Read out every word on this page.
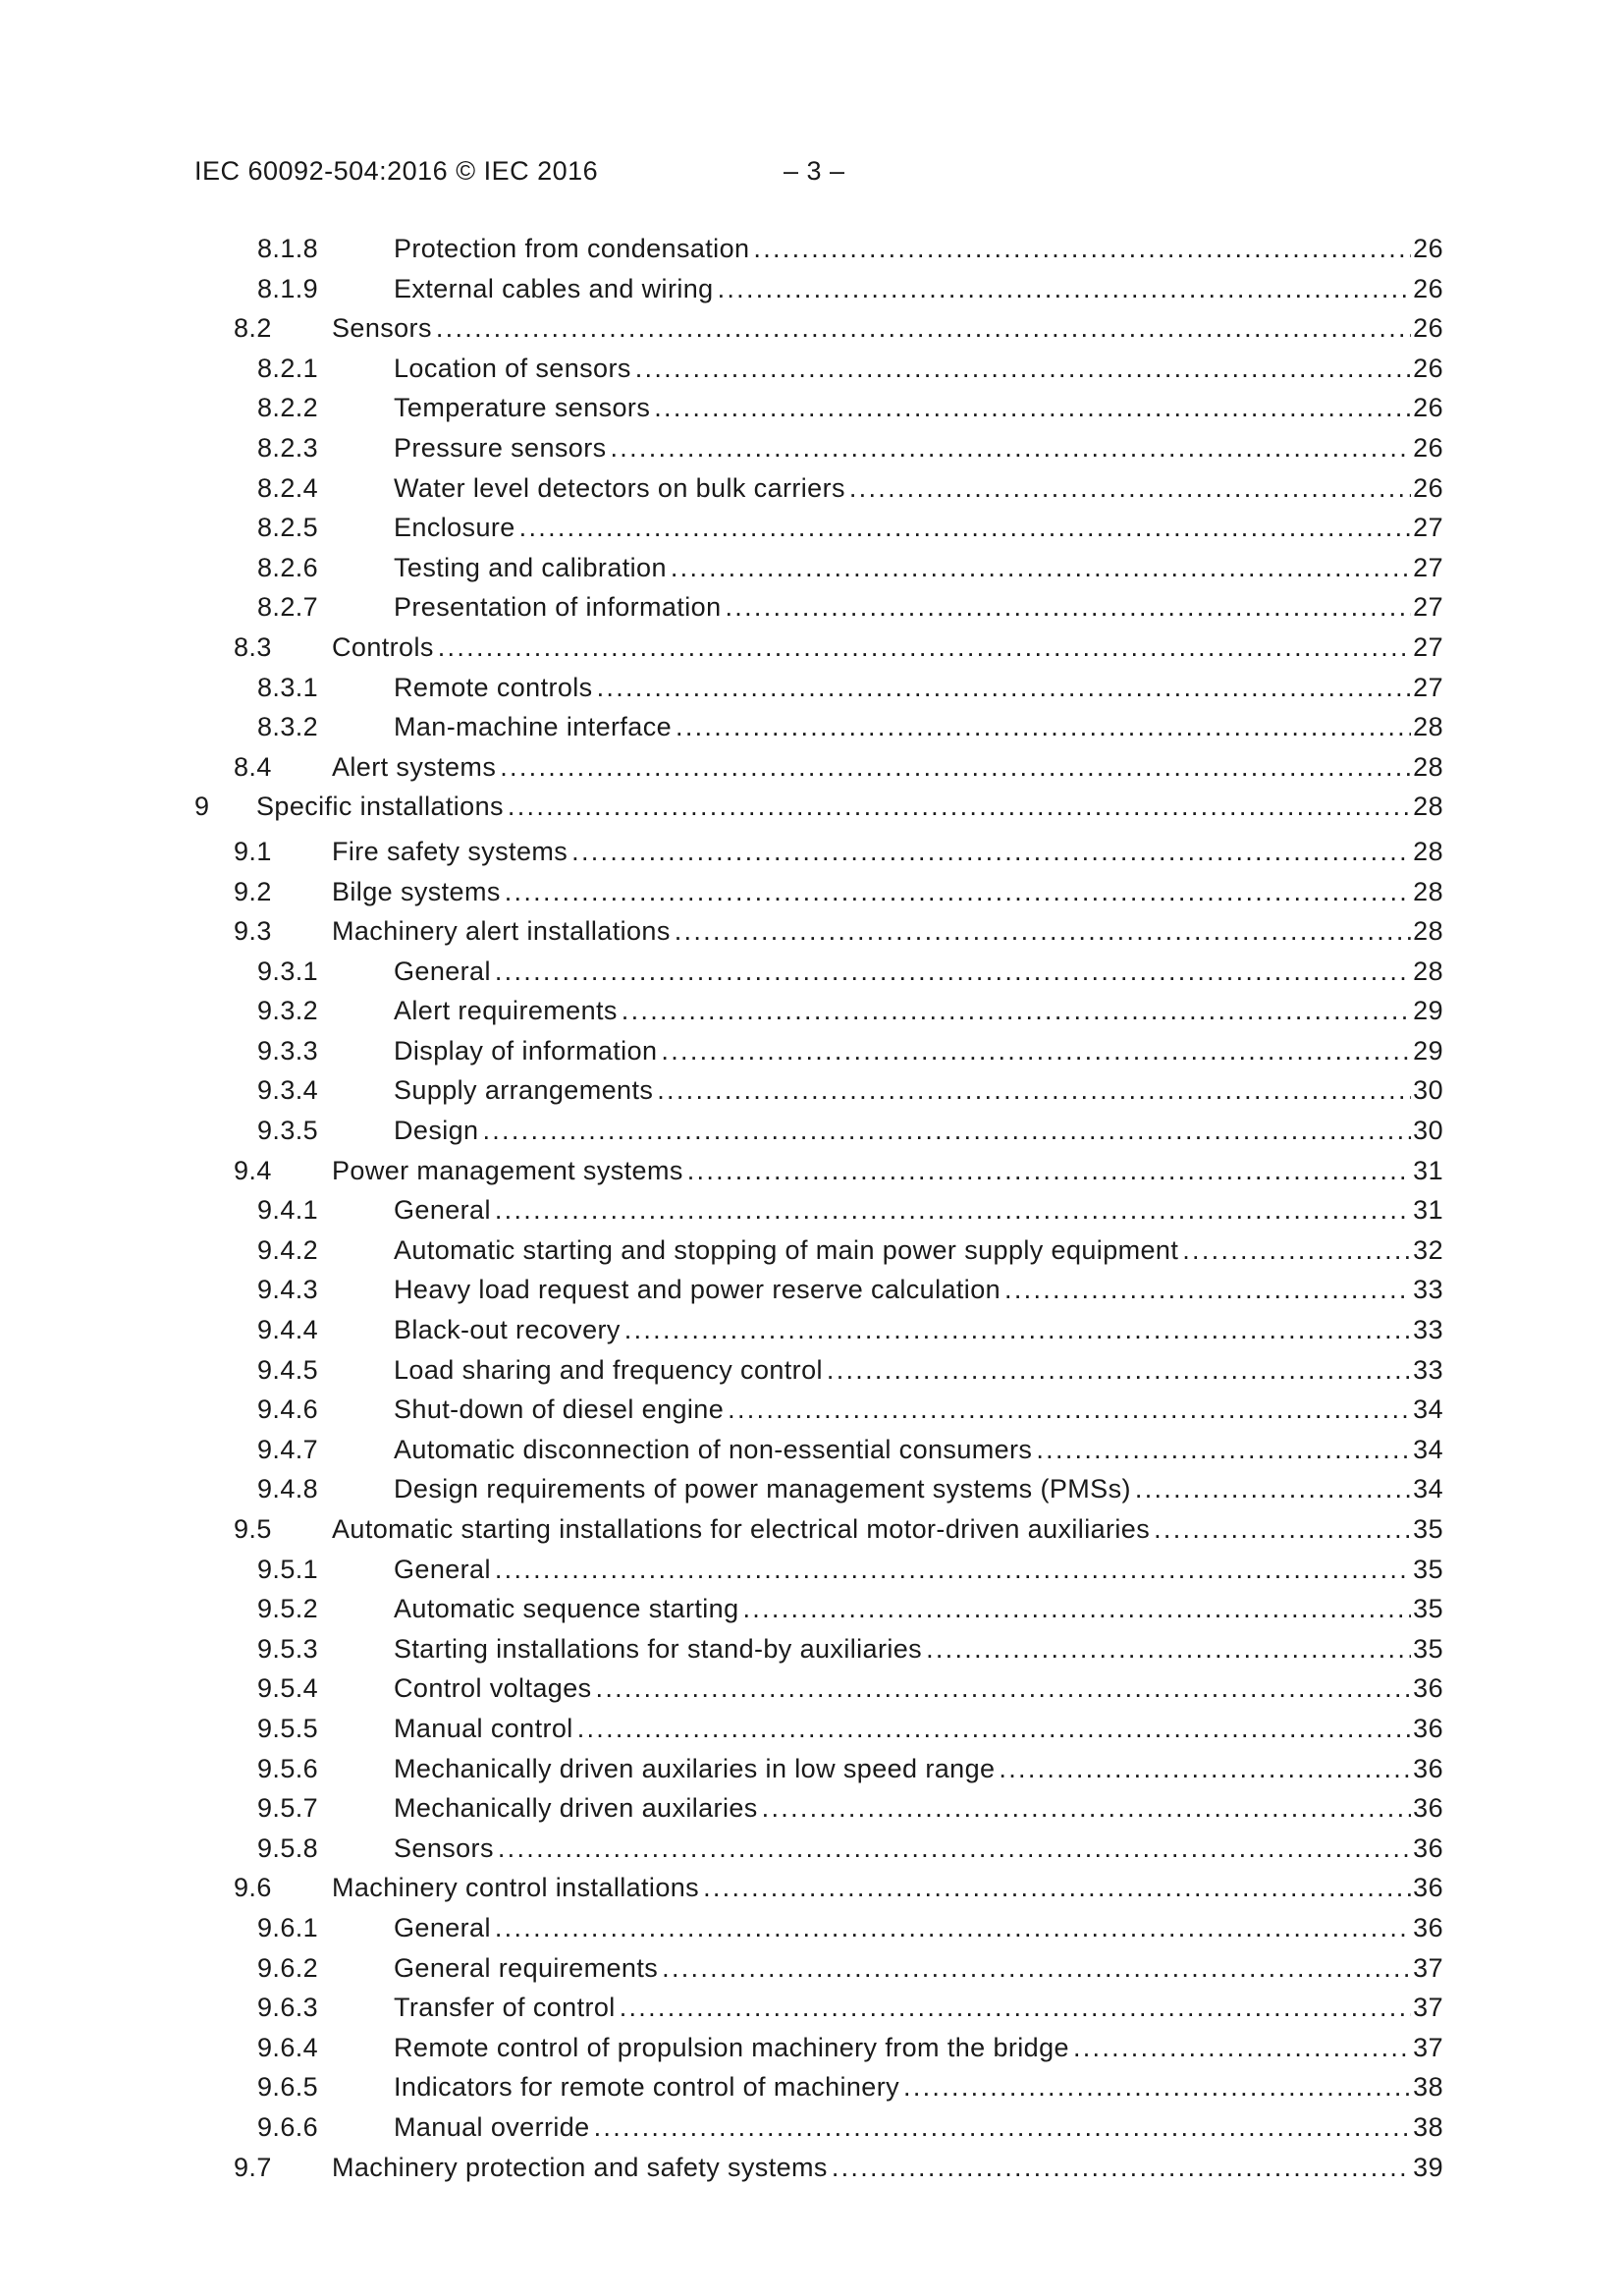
IEC 60092-504:2016 © IEC 2016	– 3 –
8.1.8	Protection from condensation .....	26
8.1.9	External cables and wiring .....	26
8.2 Sensors .....	26
8.2.1	Location of sensors .....	26
8.2.2	Temperature sensors .....	26
8.2.3	Pressure sensors .....	26
8.2.4	Water level detectors on bulk carriers .....	26
8.2.5	Enclosure .....	27
8.2.6	Testing and calibration .....	27
8.2.7	Presentation of information .....	27
8.3 Controls .....	27
8.3.1	Remote controls .....	27
8.3.2	Man-machine interface .....	28
8.4 Alert systems .....	28
9 Specific installations .....	28
9.1 Fire safety systems .....	28
9.2 Bilge systems .....	28
9.3 Machinery alert installations .....	28
9.3.1	General .....	28
9.3.2	Alert requirements .....	29
9.3.3	Display of information .....	29
9.3.4	Supply arrangements .....	30
9.3.5	Design .....	30
9.4 Power management systems .....	31
9.4.1	General .....	31
9.4.2	Automatic starting and stopping of main power supply equipment .....	32
9.4.3	Heavy load request and power reserve calculation .....	33
9.4.4	Black-out recovery .....	33
9.4.5	Load sharing and frequency control .....	33
9.4.6	Shut-down of diesel engine .....	34
9.4.7	Automatic disconnection of non-essential consumers .....	34
9.4.8	Design requirements of power management systems (PMSs) .....	34
9.5 Automatic starting installations for electrical motor-driven auxiliaries .....	35
9.5.1	General .....	35
9.5.2	Automatic sequence starting .....	35
9.5.3	Starting installations for stand-by auxiliaries .....	35
9.5.4	Control voltages .....	36
9.5.5	Manual control .....	36
9.5.6	Mechanically driven auxilaries in low speed range .....	36
9.5.7	Mechanically driven auxilaries .....	36
9.5.8	Sensors .....	36
9.6 Machinery control installations .....	36
9.6.1	General .....	36
9.6.2	General requirements .....	37
9.6.3	Transfer of control .....	37
9.6.4	Remote control of propulsion machinery from the bridge .....	37
9.6.5	Indicators for remote control of machinery .....	38
9.6.6	Manual override .....	38
9.7 Machinery protection and safety systems .....	39
